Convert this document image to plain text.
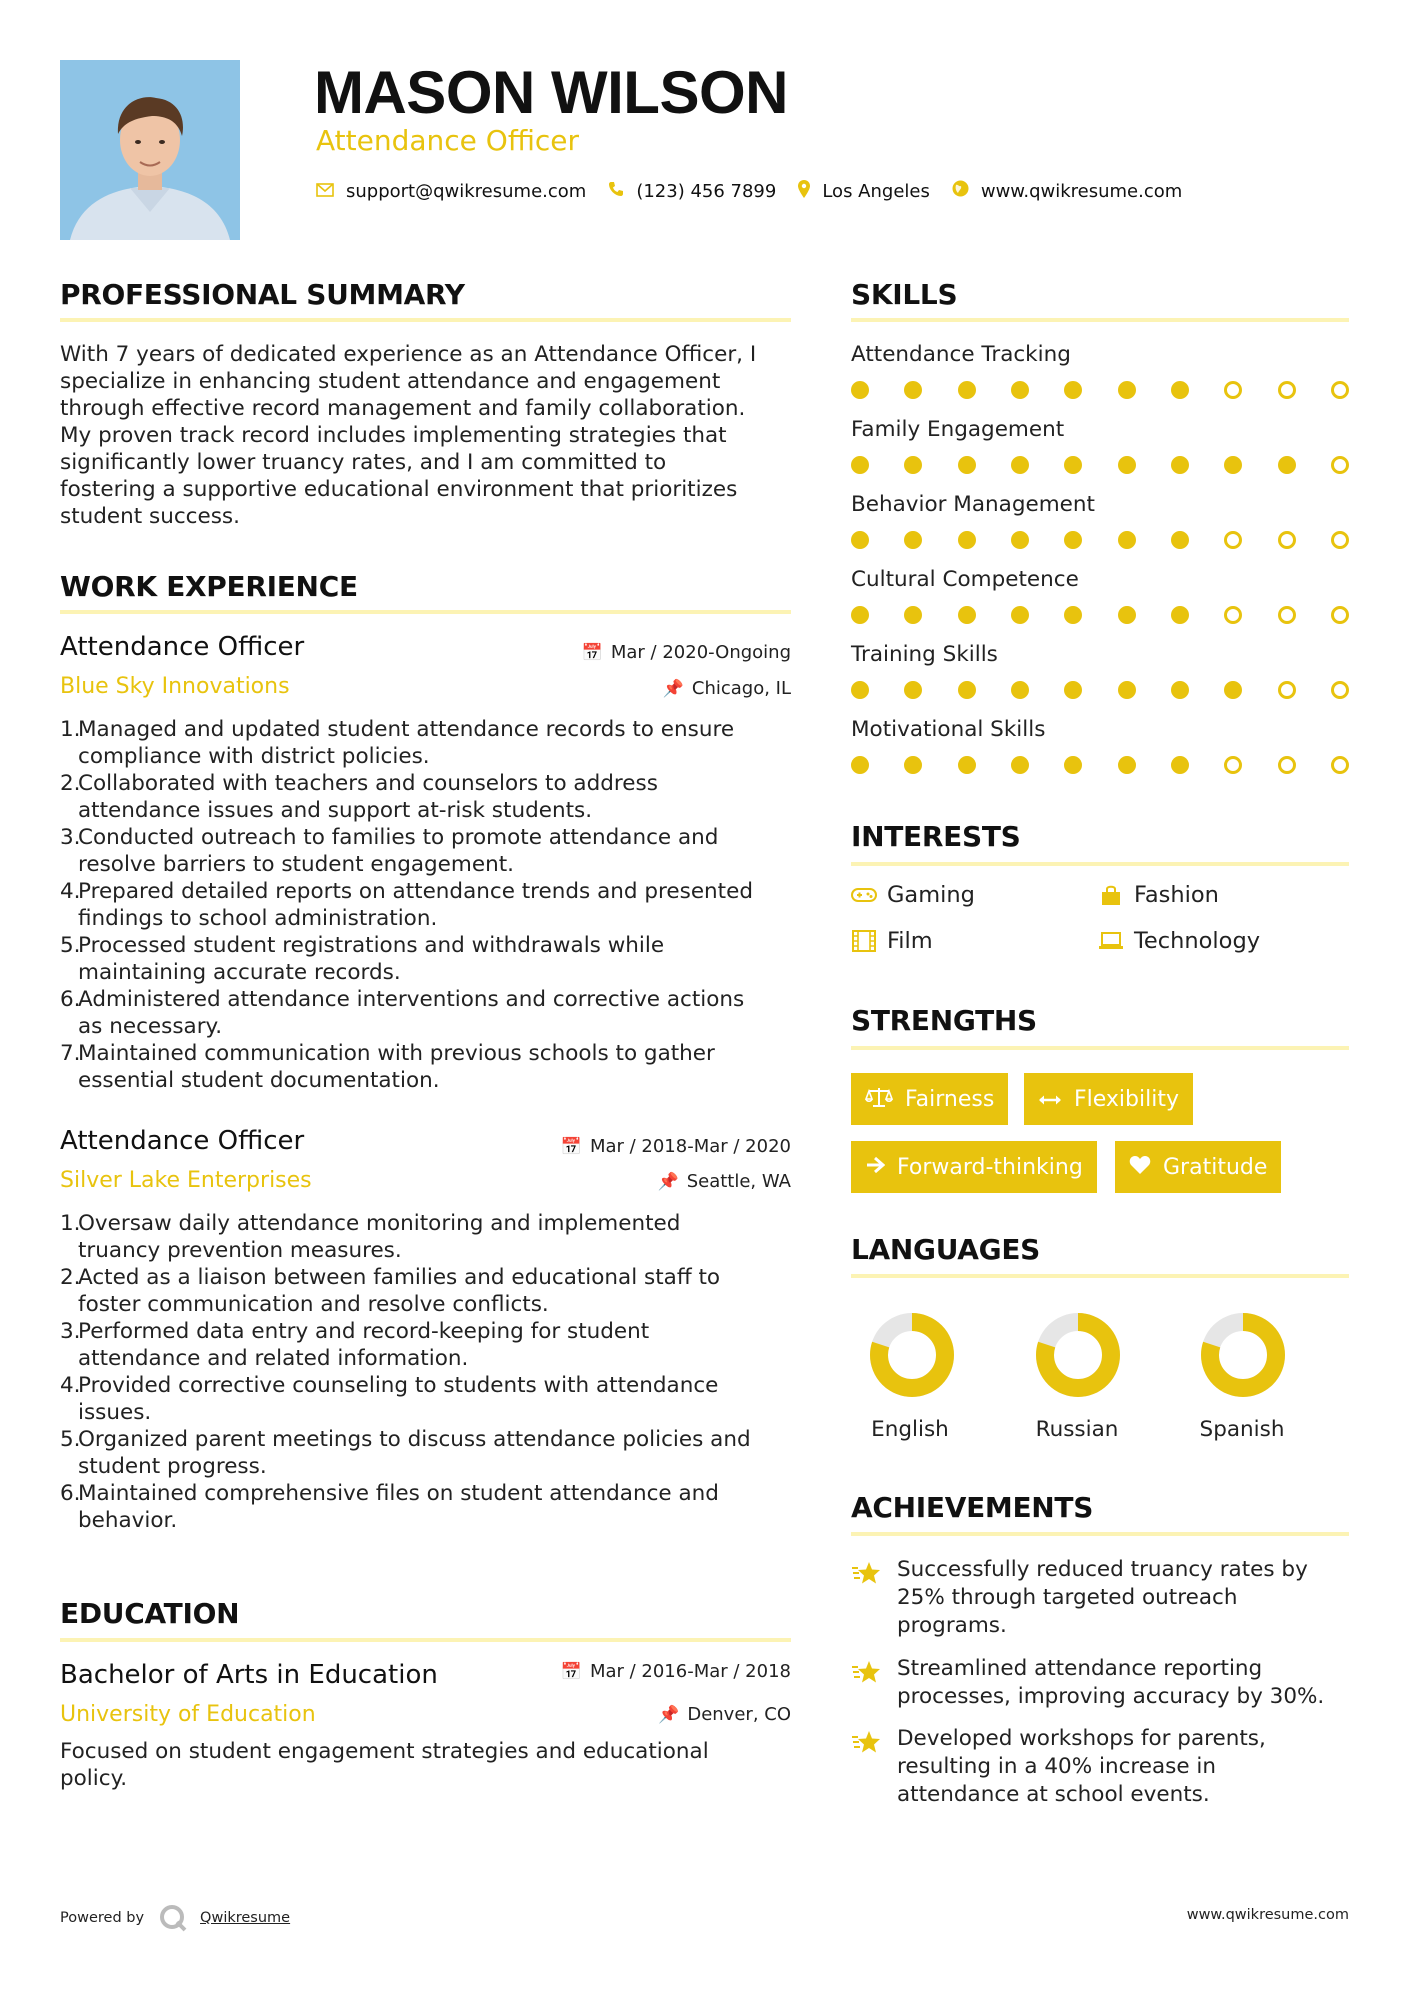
MASON WILSON
Attendance Officer
support@qwikresume.com	(123) 456 7899	Los Angeles	www.qwikresume.com
PROFESSIONAL SUMMARY
With 7 years of dedicated experience as an Attendance Officer, I
specialize in enhancing student attendance and engagement
through effective record management and family collaboration.
My proven track record includes implementing strategies that
significantly lower truancy rates, and I am committed to
fostering a supportive educational environment that prioritizes
student success.
WORK EXPERIENCE
Attendance Officer
Blue Sky Innovations
📅 Mar / 2020-Ongoing
📌 Chicago, IL
1.
Managed and updated student attendance records to ensure
compliance with district policies.
2.
Collaborated with teachers and counselors to address
attendance issues and support at-risk students.
3.
Conducted outreach to families to promote attendance and
resolve barriers to student engagement.
4.
Prepared detailed reports on attendance trends and presented
findings to school administration.
5.
Processed student registrations and withdrawals while
maintaining accurate records.
6.
Administered attendance interventions and corrective actions
as necessary.
7.
Maintained communication with previous schools to gather
essential student documentation.
Attendance Officer
Silver Lake Enterprises
📅 Mar / 2018-Mar / 2020
📌 Seattle, WA
1.
Oversaw daily attendance monitoring and implemented
truancy prevention measures.
2.
Acted as a liaison between families and educational staff to
foster communication and resolve conflicts.
3.
Performed data entry and record-keeping for student
attendance and related information.
4.
Provided corrective counseling to students with attendance
issues.
5.
Organized parent meetings to discuss attendance policies and
student progress.
6.
Maintained comprehensive files on student attendance and
behavior.
EDUCATION
Bachelor of Arts in Education
University of Education
📅 Mar / 2016-Mar / 2018
📌 Denver, CO
Focused on student engagement strategies and educational
policy.
SKILLS
Attendance Tracking
Family Engagement
Behavior Management
Cultural Competence
Training Skills
Motivational Skills
INTERESTS
Gaming	Fashion
Film	Technology
STRENGTHS
Fairness	Flexibility
Forward-thinking	Gratitude
LANGUAGES
English	Russian	Spanish
ACHIEVEMENTS
Successfully reduced truancy rates by
25% through targeted outreach
programs.
Streamlined attendance reporting
processes, improving accuracy by 30%.
Developed workshops for parents,
resulting in a 40% increase in
attendance at school events.
Powered by	Qwikresume	www.qwikresume.com
